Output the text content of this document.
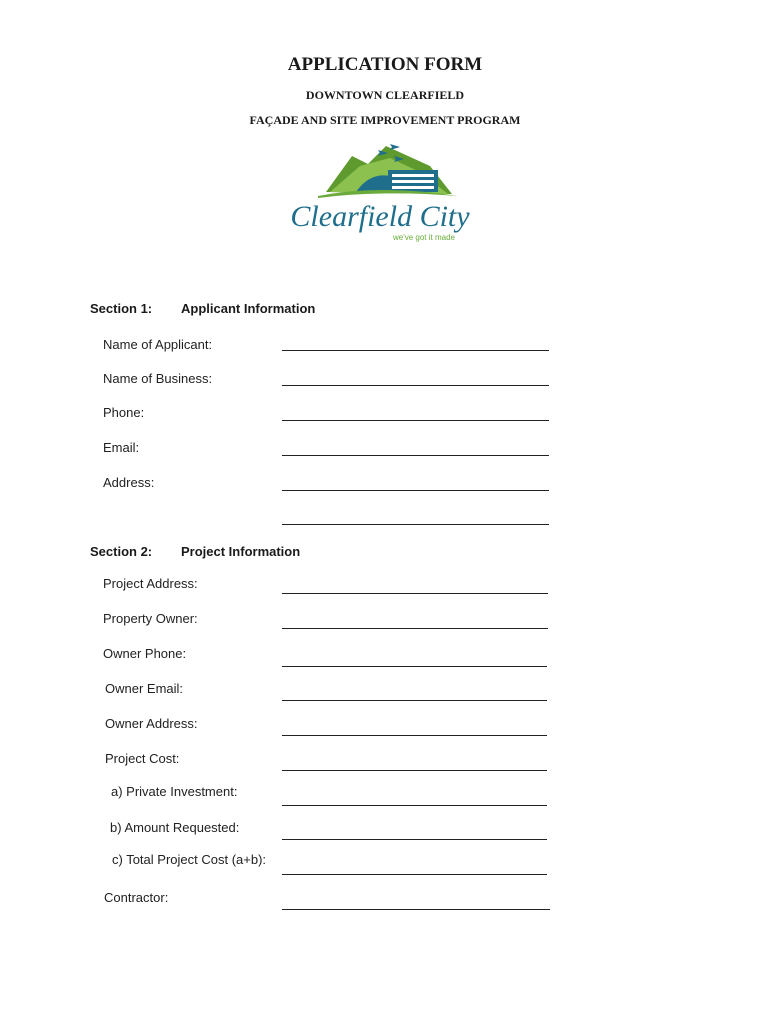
APPLICATION FORM
DOWNTOWN CLEARFIELD
FAÇADE AND SITE IMPROVEMENT PROGRAM
Clearfield City
we've got it made
Section 1: Applicant Information
Name of Applicant:
Name of Business:
Phone:
Email:
Address:
Section 2: Project Information
Project Address:
Property Owner:
Owner Phone:
Owner Email:
Owner Address:
Project Cost:
a) Private Investment:
b) Amount Requested:
c) Total Project Cost (a+b):
Contractor:
